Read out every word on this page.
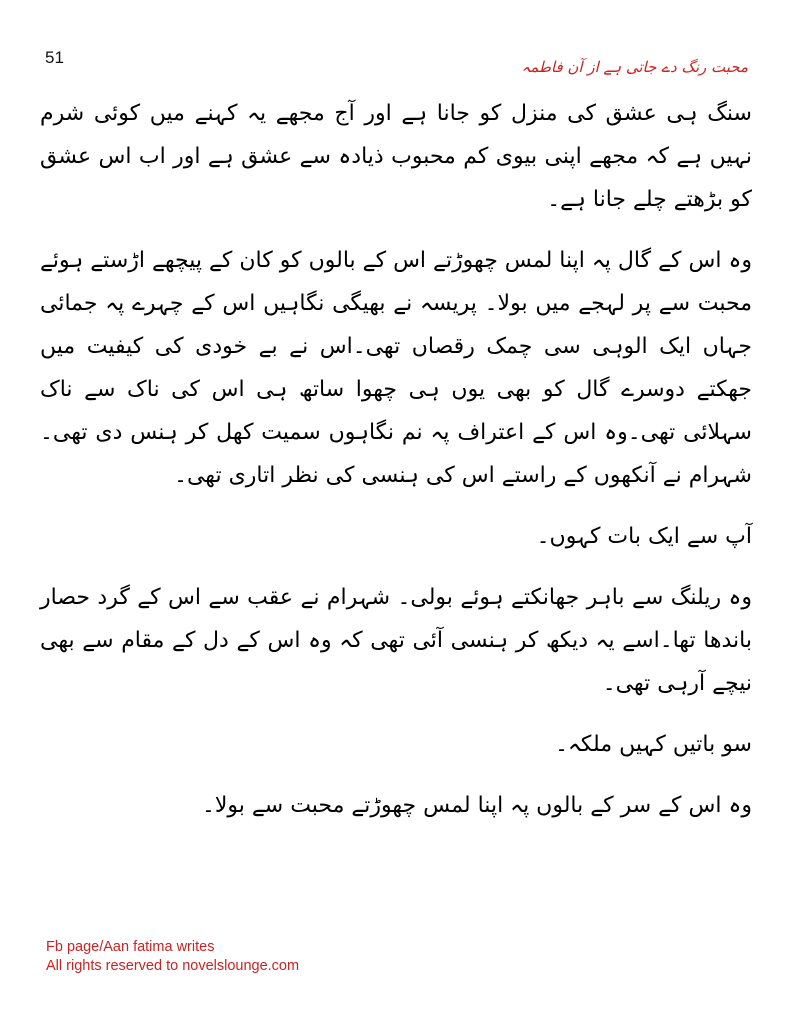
51	محبت رنگ دے جاتی ہے از آن فاطمہ

سنگ ہی عشق کی منزل کو جانا ہے اور آج مجھے یہ کہنے میں کوئی شرم نہیں ہے کہ مجھے اپنی بیوی کم محبوب ذیادہ سے عشق ہے اور اب اس عشق کو بڑھتے چلے جانا ہے۔

وہ اس کے گال پہ اپنا لمس چھوڑتے اس کے بالوں کو کان کے پیچھے اڑستے ہوئے محبت سے پر لہجے میں بولا۔ پریسہ نے بھیگی نگاہیں اس کے چہرے پہ جمائی جہاں ایک الوہی سی چمک رقصاں تھی۔اس نے بے خودی کی کیفیت میں جھکتے دوسرے گال کو بھی یوں ہی چھوا ساتھ ہی اس کی ناک سے ناک سہلائی تھی۔وہ اس کے اعتراف پہ نم نگاہوں سمیت کھل کر ہنس دی تھی۔ شہرام نے آنکھوں کے راستے اس کی ہنسی کی نظر اتاری تھی۔

آپ سے ایک بات کہوں۔

وہ ریلنگ سے باہر جھانکتے ہوئے بولی۔ شہرام نے عقب سے اس کے گرد حصار باندھا تھا۔اسے یہ دیکھ کر ہنسی آئی تھی کہ وہ اس کے دل کے مقام سے بھی نیچے آرہی تھی۔

سو باتیں کہیں ملکہ۔

وہ اس کے سر کے بالوں پہ اپنا لمس چھوڑتے محبت سے بولا۔

Fb page/Aan fatima writes
All rights reserved to novelslounge.com
